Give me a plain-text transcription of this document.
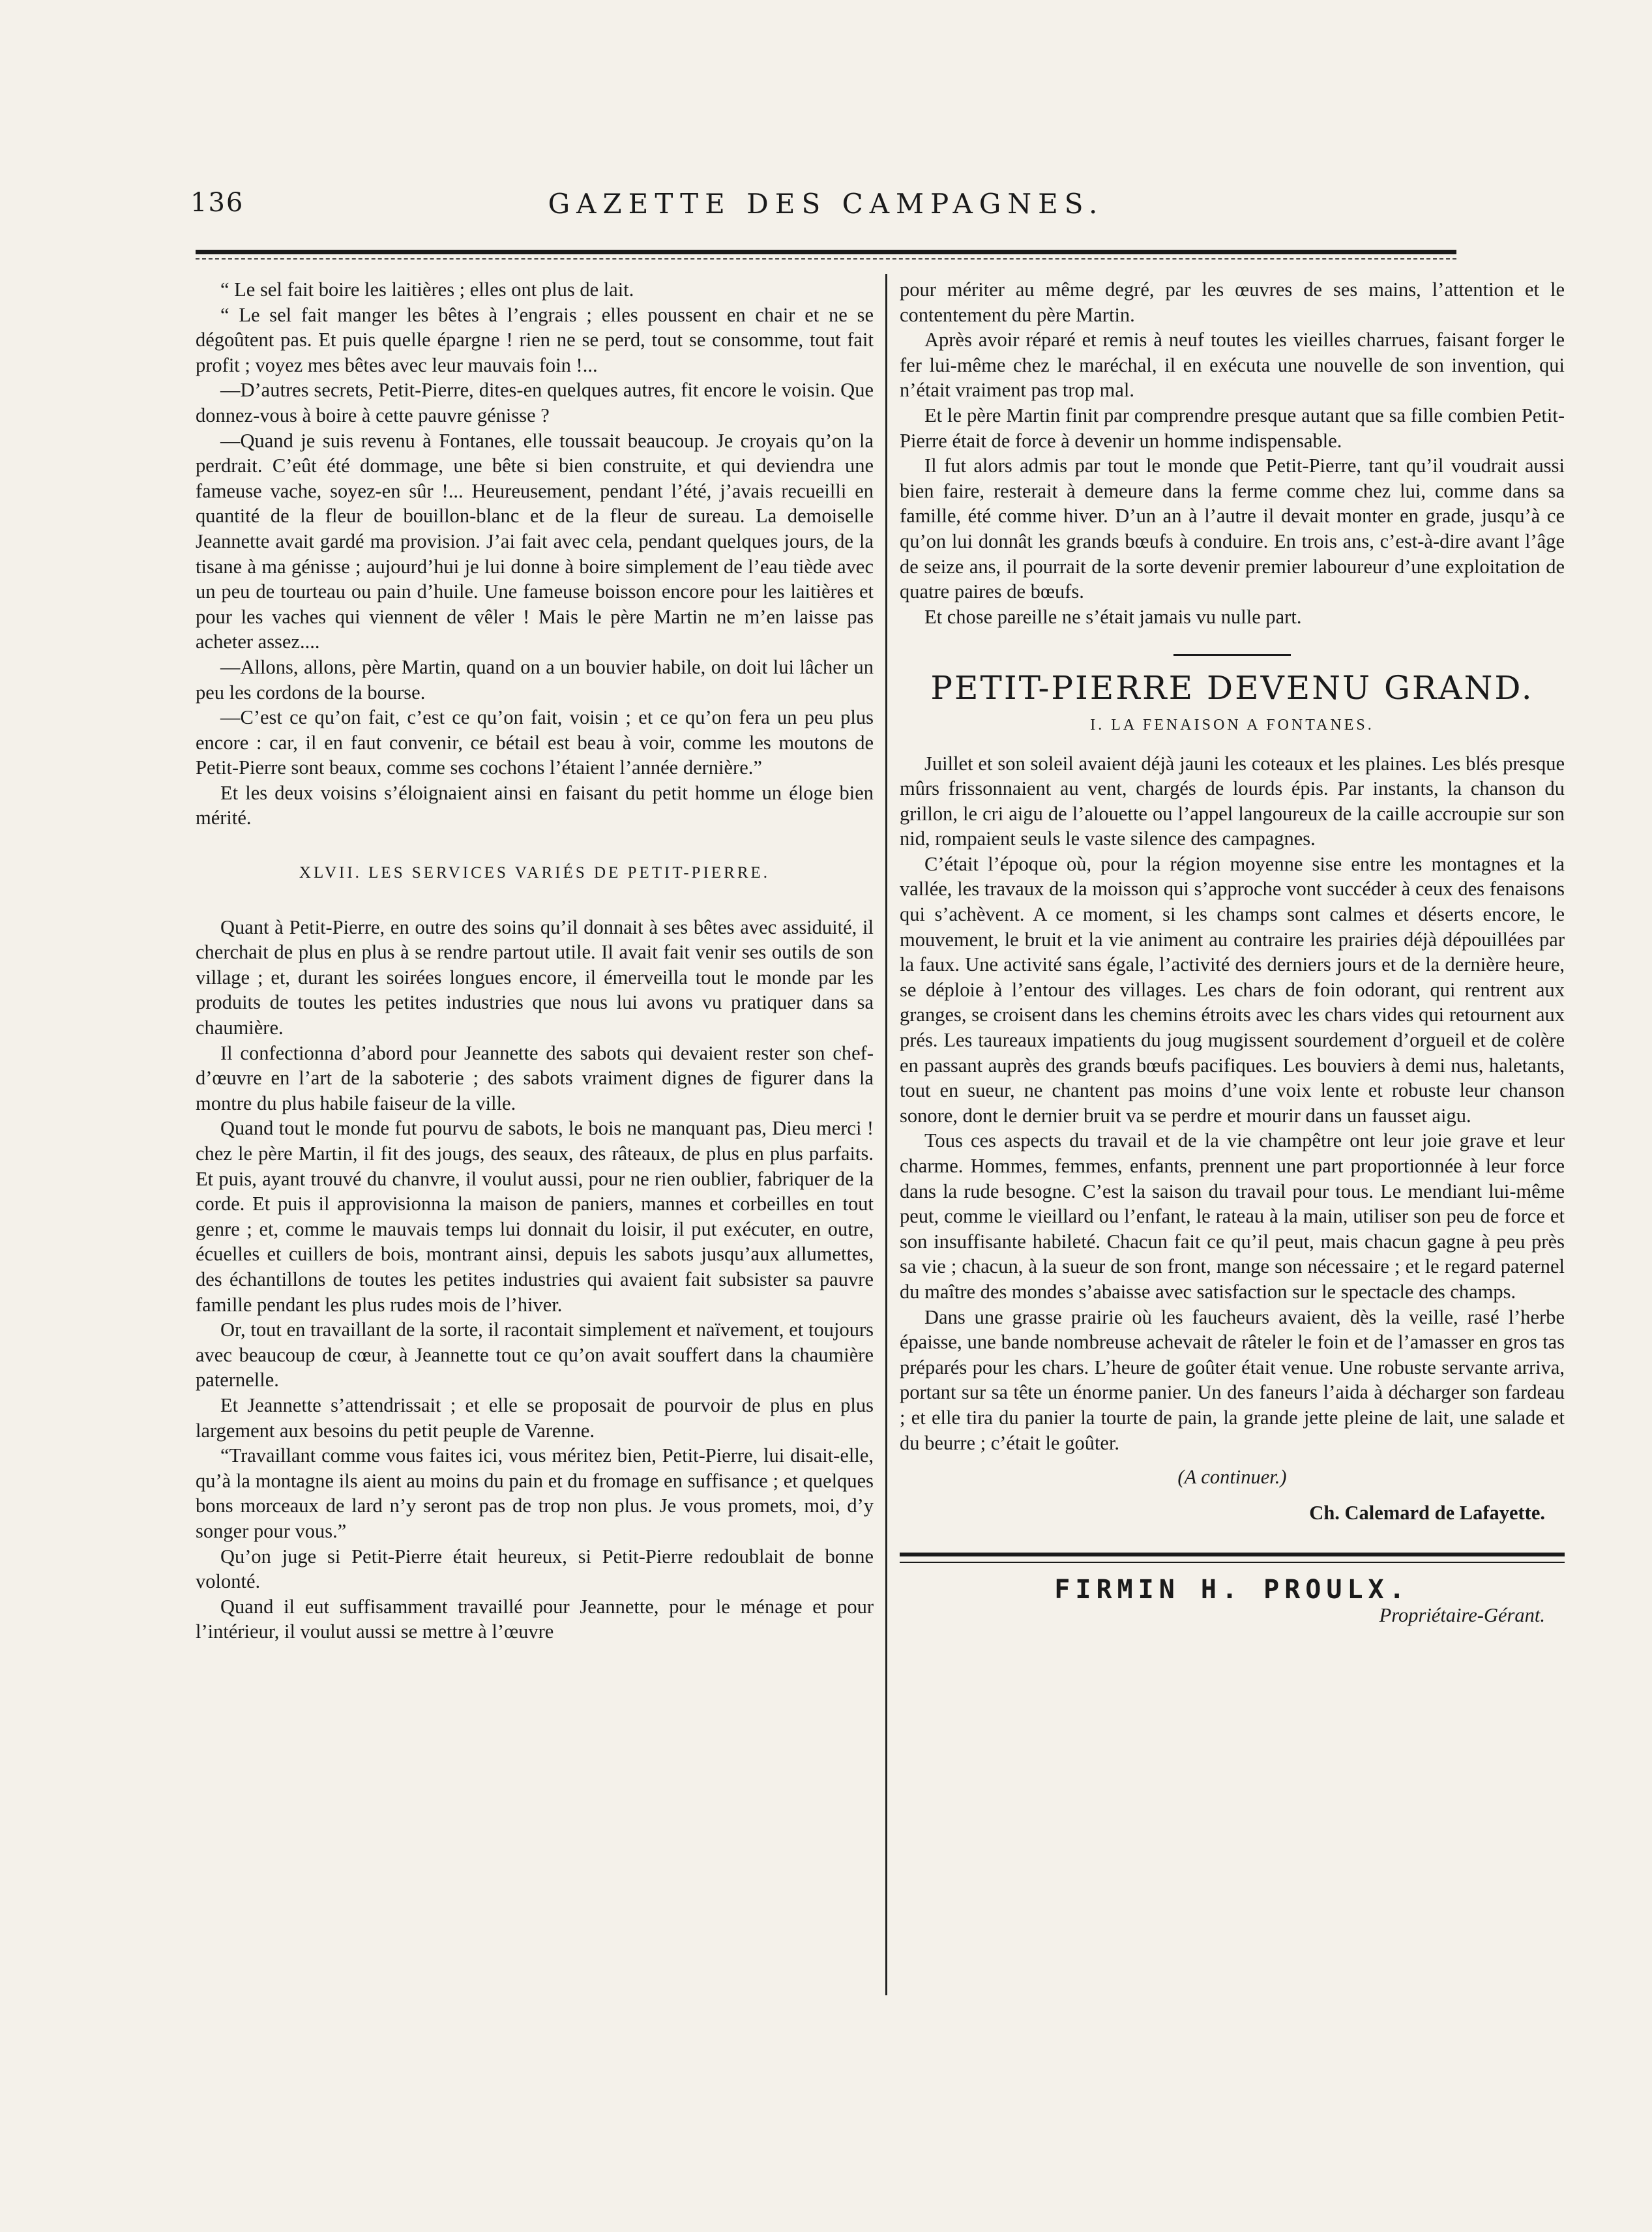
136	GAZETTE DES CAMPAGNES.

“ Le sel fait boire les laitières ; elles ont plus de lait.

“ Le sel fait manger les bêtes à l’engrais ; elles poussent en chair et ne se dégoûtent pas. Et puis quelle épargne ! rien ne se perd, tout se consomme, tout fait profit ; voyez mes bêtes avec leur mauvais foin !...

—D’autres secrets, Petit-Pierre, dites-en quelques autres, fit encore le voisin. Que donnez-vous à boire à cette pauvre génisse ?

—Quand je suis revenu à Fontanes, elle toussait beaucoup. Je croyais qu’on la perdrait. C’eût été dommage, une bête si bien construite, et qui deviendra une fameuse vache, soyez-en sûr !... Heureusement, pendant l’été, j’avais recueilli en quantité de la fleur de bouillon-blanc et de la fleur de sureau. La demoiselle Jeannette avait gardé ma provision. J’ai fait avec cela, pendant quelques jours, de la tisane à ma génisse ; aujourd’hui je lui donne à boire simplement de l’eau tiède avec un peu de tourteau ou pain d’huile. Une fameuse boisson encore pour les laitières et pour les vaches qui viennent de vêler ! Mais le père Martin ne m’en laisse pas acheter assez....

—Allons, allons, père Martin, quand on a un bouvier habile, on doit lui lâcher un peu les cordons de la bourse.

—C’est ce qu’on fait, c’est ce qu’on fait, voisin ; et ce qu’on fera un peu plus encore : car, il en faut convenir, ce bétail est beau à voir, comme les moutons de Petit-Pierre sont beaux, comme ses cochons l’étaient l’année dernière.”

Et les deux voisins s’éloignaient ainsi en faisant du petit homme un éloge bien mérité.

XLVII. LES SERVICES VARIÉS DE PETIT-PIERRE.

Quant à Petit-Pierre, en outre des soins qu’il donnait à ses bêtes avec assiduité, il cherchait de plus en plus à se rendre partout utile. Il avait fait venir ses outils de son village ; et, durant les soirées longues encore, il émerveilla tout le monde par les produits de toutes les petites industries que nous lui avons vu pratiquer dans sa chaumière.

Il confectionna d’abord pour Jeannette des sabots qui devaient rester son chef-d’œuvre en l’art de la saboterie ; des sabots vraiment dignes de figurer dans la montre du plus habile faiseur de la ville.

Quand tout le monde fut pourvu de sabots, le bois ne manquant pas, Dieu merci ! chez le père Martin, il fit des jougs, des seaux, des râteaux, de plus en plus parfaits. Et puis, ayant trouvé du chanvre, il voulut aussi, pour ne rien oublier, fabriquer de la corde. Et puis il approvisionna la maison de paniers, mannes et corbeilles en tout genre ; et, comme le mauvais temps lui donnait du loisir, il put exécuter, en outre, écuelles et cuillers de bois, montrant ainsi, depuis les sabots jusqu’aux allumettes, des échantillons de toutes les petites industries qui avaient fait subsister sa pauvre famille pendant les plus rudes mois de l’hiver.

Or, tout en travaillant de la sorte, il racontait simplement et naïvement, et toujours avec beaucoup de cœur, à Jeannette tout ce qu’on avait souffert dans la chaumière paternelle.

Et Jeannette s’attendrissait ; et elle se proposait de pourvoir de plus en plus largement aux besoins du petit peuple de Varenne.

“Travaillant comme vous faites ici, vous méritez bien, Petit-Pierre, lui disait-elle, qu’à la montagne ils aient au moins du pain et du fromage en suffisance ; et quelques bons morceaux de lard n’y seront pas de trop non plus. Je vous promets, moi, d’y songer pour vous.”

Qu’on juge si Petit-Pierre était heureux, si Petit-Pierre redoublait de bonne volonté.

Quand il eut suffisamment travaillé pour Jeannette, pour le ménage et pour l’intérieur, il voulut aussi se mettre à l’œuvre

pour mériter au même degré, par les œuvres de ses mains, l’attention et le contentement du père Martin.

Après avoir réparé et remis à neuf toutes les vieilles charrues, faisant forger le fer lui-même chez le maréchal, il en exécuta une nouvelle de son invention, qui n’était vraiment pas trop mal.

Et le père Martin finit par comprendre presque autant que sa fille combien Petit-Pierre était de force à devenir un homme indispensable.

Il fut alors admis par tout le monde que Petit-Pierre, tant qu’il voudrait aussi bien faire, resterait à demeure dans la ferme comme chez lui, comme dans sa famille, été comme hiver. D’un an à l’autre il devait monter en grade, jusqu’à ce qu’on lui donnât les grands bœufs à conduire. En trois ans, c’est-à-dire avant l’âge de seize ans, il pourrait de la sorte devenir premier laboureur d’une exploitation de quatre paires de bœufs.

Et chose pareille ne s’était jamais vu nulle part.

PETIT-PIERRE DEVENU GRAND.
I. LA FENAISON A FONTANES.

Juillet et son soleil avaient déjà jauni les coteaux et les plaines. Les blés presque mûrs frissonnaient au vent, chargés de lourds épis. Par instants, la chanson du grillon, le cri aigu de l’alouette ou l’appel langoureux de la caille accroupie sur son nid, rompaient seuls le vaste silence des campagnes.

C’était l’époque où, pour la région moyenne sise entre les montagnes et la vallée, les travaux de la moisson qui s’approche vont succéder à ceux des fenaisons qui s’achèvent. A ce moment, si les champs sont calmes et déserts encore, le mouvement, le bruit et la vie animent au contraire les prairies déjà dépouillées par la faux. Une activité sans égale, l’activité des derniers jours et de la dernière heure, se déploie à l’entour des villages. Les chars de foin odorant, qui rentrent aux granges, se croisent dans les chemins étroits avec les chars vides qui retournent aux prés. Les taureaux impatients du joug mugissent sourdement d’orgueil et de colère en passant auprès des grands bœufs pacifiques. Les bouviers à demi nus, haletants, tout en sueur, ne chantent pas moins d’une voix lente et robuste leur chanson sonore, dont le dernier bruit va se perdre et mourir dans un fausset aigu.

Tous ces aspects du travail et de la vie champêtre ont leur joie grave et leur charme. Hommes, femmes, enfants, prennent une part proportionnée à leur force dans la rude besogne. C’est la saison du travail pour tous. Le mendiant lui-même peut, comme le vieillard ou l’enfant, le rateau à la main, utiliser son peu de force et son insuffisante habileté. Chacun fait ce qu’il peut, mais chacun gagne à peu près sa vie ; chacun, à la sueur de son front, mange son nécessaire ; et le regard paternel du maître des mondes s’abaisse avec satisfaction sur le spectacle des champs.

Dans une grasse prairie où les faucheurs avaient, dès la veille, rasé l’herbe épaisse, une bande nombreuse achevait de râteler le foin et de l’amasser en gros tas préparés pour les chars. L’heure de goûter était venue. Une robuste servante arriva, portant sur sa tête un énorme panier. Un des faneurs l’aida à décharger son fardeau ; et elle tira du panier la tourte de pain, la grande jette pleine de lait, une salade et du beurre ; c’était le goûter.

(A continuer.)
Ch. Calemard de Lafayette.
FIRMIN H. PROULX.
Propriétaire-Gérant.
